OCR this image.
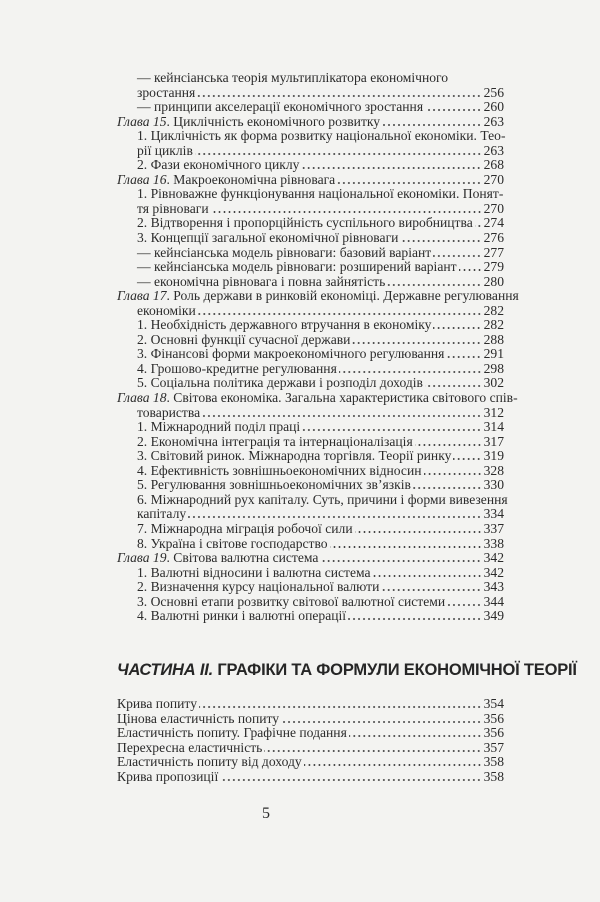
— кейнсіанська теорія мультиплікатора економічного
зростання	256
— принципи акселерації економічного зростання	260
Глава 15 . Циклічність економічного розвитку	263
1. Циклічність як форма розвитку національної економіки. Тео-
рії циклів	263
2. Фази економічного циклу	268
Глава 16 . Макроекономічна рівновага	270
1. Рівноважне функціонування національної економіки. Понят-
тя рівноваги	270
2. Відтворення і пропорційність суспільного виробництва 274
3. Концепції загальної економічної рівноваги	276
— кейнсіанська модель рівноваги: базовий варіант	277
— кейнсіанська модель рівноваги: розширений варіант 279
— економічна рівновага і повна зайнятість	280
Глава 17 . Роль держави в ринковій економіці. Державне регулювання
економіки	282
1. Необхідність державного втручання в економіку	282
2. Основні функції сучасної держави	288
3. Фінансові форми макроекономічного регулювання	291
4. Грошово-кредитне регулювання	298
5. Соціальна політика держави і розподіл доходів	302
Глава 18 . Світова економіка. Загальна характеристика світового спів-
товариства	312
1. Міжнародний поділ праці	314
2. Економічна інтеграція та інтернаціоналізація	317
3. Світовий ринок. Міжнародна торгівля. Теорії ринку 319
4. Ефективність зовнішньоекономічних відносин	328
5. Регулювання зовнішньоекономічних зв’язків	330
6. Міжнародний рух капіталу. Суть, причини і форми вивезення
капіталу	334
7. Міжнародна міграція робочої сили	337
8. Україна і світове господарство	338
Глава 19 . Світова валютна система	342
1. Валютні відносини і валютна система	342
2. Визначення курсу національної валюти	343
3. Основні етапи розвитку світової валютної системи	344
4. Валютні ринки і валютні операції	349
ЧАСТИНА II. ГРАФІКИ ТА ФОРМУЛИ ЕКОНОМІЧНОЇ ТЕОРІЇ
Крива попиту	354
Цінова еластичність попиту	356
Еластичність попиту. Графічне подання	356
Перехресна еластичність	357
Еластичність попиту від доходу	358
Крива пропозиції	358
5
